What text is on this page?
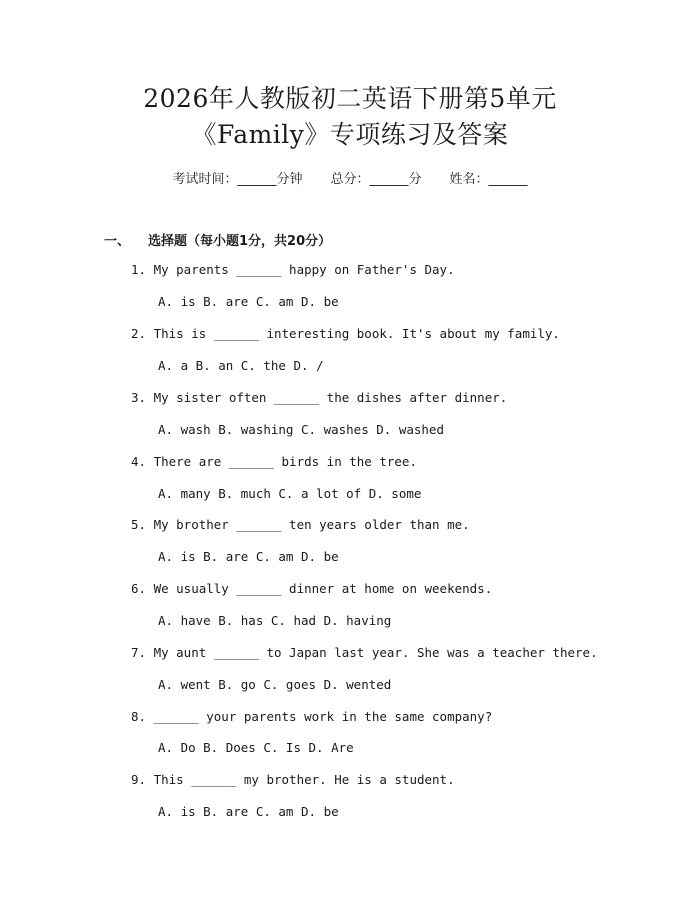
2026年人教版初二英语下册第5单元
《Family》专项练习及答案
考试时间：______分钟 总分：______分 姓名：______
一、 选择题（每小题1分，共20分）
1. My parents ______ happy on Father's Day.
A. is B. are C. am D. be
2. This is ______ interesting book. It's about my family.
A. a B. an C. the D. /
3. My sister often ______ the dishes after dinner.
A. wash B. washing C. washes D. washed
4. There are ______ birds in the tree.
A. many B. much C. a lot of D. some
5. My brother ______ ten years older than me.
A. is B. are C. am D. be
6. We usually ______ dinner at home on weekends.
A. have B. has C. had D. having
7. My aunt ______ to Japan last year. She was a teacher there.
A. went B. go C. goes D. wented
8. ______ your parents work in the same company?
A. Do B. Does C. Is D. Are
9. This ______ my brother. He is a student.
A. is B. are C. am D. be
